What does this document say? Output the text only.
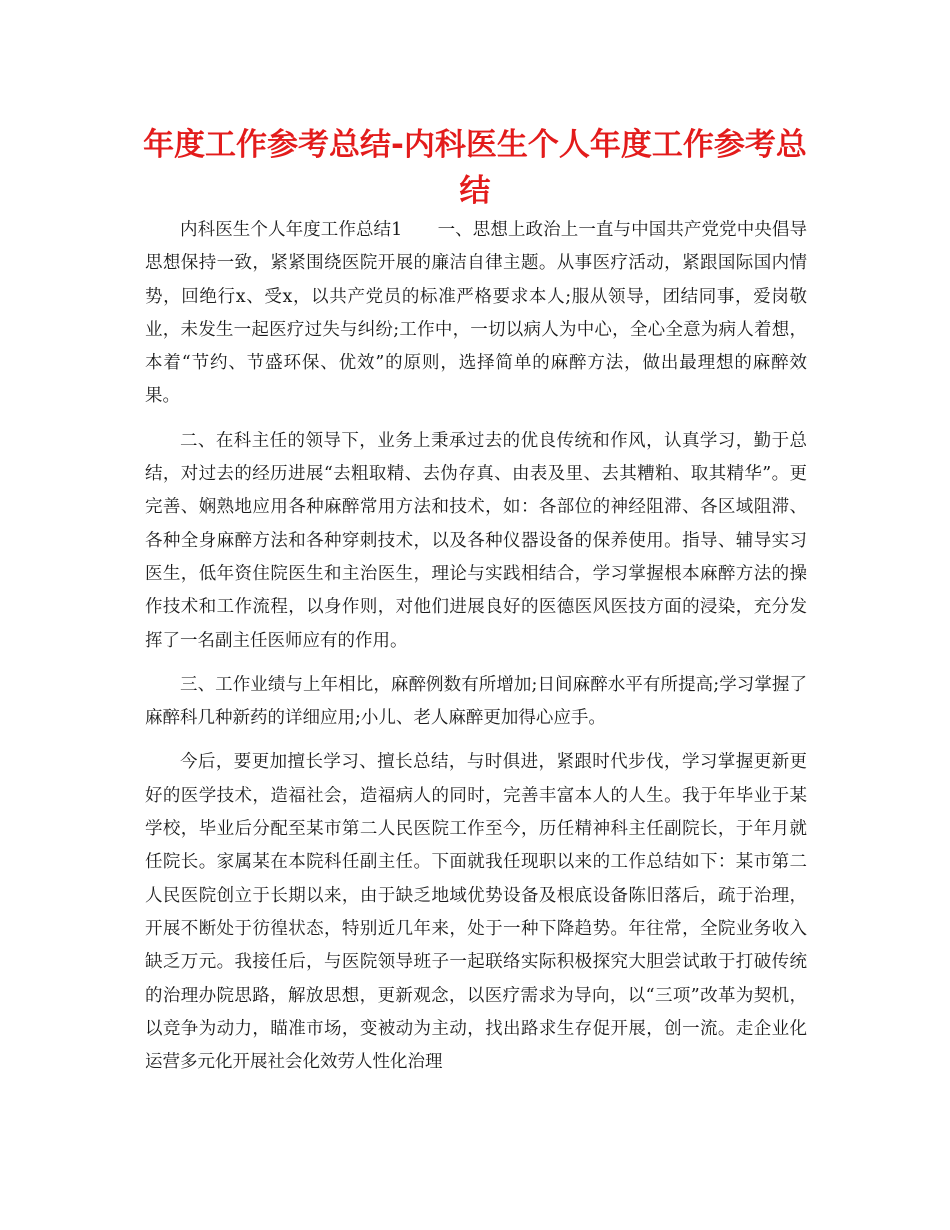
年度工作参考总结-内科医生个人年度工作参考总结

内科医生个人年度工作总结1　　一、思想上政治上一直与中国共产党党中央倡导思想保持一致，紧紧围绕医院开展的廉洁自律主题。从事医疗活动，紧跟国际国内情势，回绝行x、受x，以共产党员的标准严格要求本人;服从领导，团结同事，爱岗敬业，未发生一起医疗过失与纠纷;工作中，一切以病人为中心，全心全意为病人着想，本着“节约、节盛环保、优效”的原则，选择简单的麻醉方法，做出最理想的麻醉效果。

二、在科主任的领导下，业务上秉承过去的优良传统和作风，认真学习，勤于总结，对过去的经历进展“去粗取精、去伪存真、由表及里、去其糟粕、取其精华”。更完善、娴熟地应用各种麻醉常用方法和技术，如：各部位的神经阻滞、各区域阻滞、各种全身麻醉方法和各种穿刺技术，以及各种仪器设备的保养使用。指导、辅导实习医生，低年资住院医生和主治医生，理论与实践相结合，学习掌握根本麻醉方法的操作技术和工作流程，以身作则，对他们进展良好的医德医风医技方面的浸染，充分发挥了一名副主任医师应有的作用。

三、工作业绩与上年相比，麻醉例数有所增加;日间麻醉水平有所提高;学习掌握了麻醉科几种新药的详细应用;小儿、老人麻醉更加得心应手。

今后，要更加擅长学习、擅长总结，与时俱进，紧跟时代步伐，学习掌握更新更好的医学技术，造福社会，造福病人的同时，完善丰富本人的人生。我于年毕业于某学校，毕业后分配至某市第二人民医院工作至今，历任精神科主任副院长，于年月就任院长。家属某在本院科任副主任。下面就我任现职以来的工作总结如下：某市第二人民医院创立于长期以来，由于缺乏地域优势设备及根底设备陈旧落后，疏于治理，开展不断处于彷徨状态，特别近几年来，处于一种下降趋势。年往常，全院业务收入缺乏万元。我接任后，与医院领导班子一起联络实际积极探究大胆尝试敢于打破传统的治理办院思路，解放思想，更新观念，以医疗需求为导向，以“三项”改革为契机，以竞争为动力，瞄准市场，变被动为主动，找出路求生存促开展，创一流。走企业化运营多元化开展社会化效劳人性化治理
